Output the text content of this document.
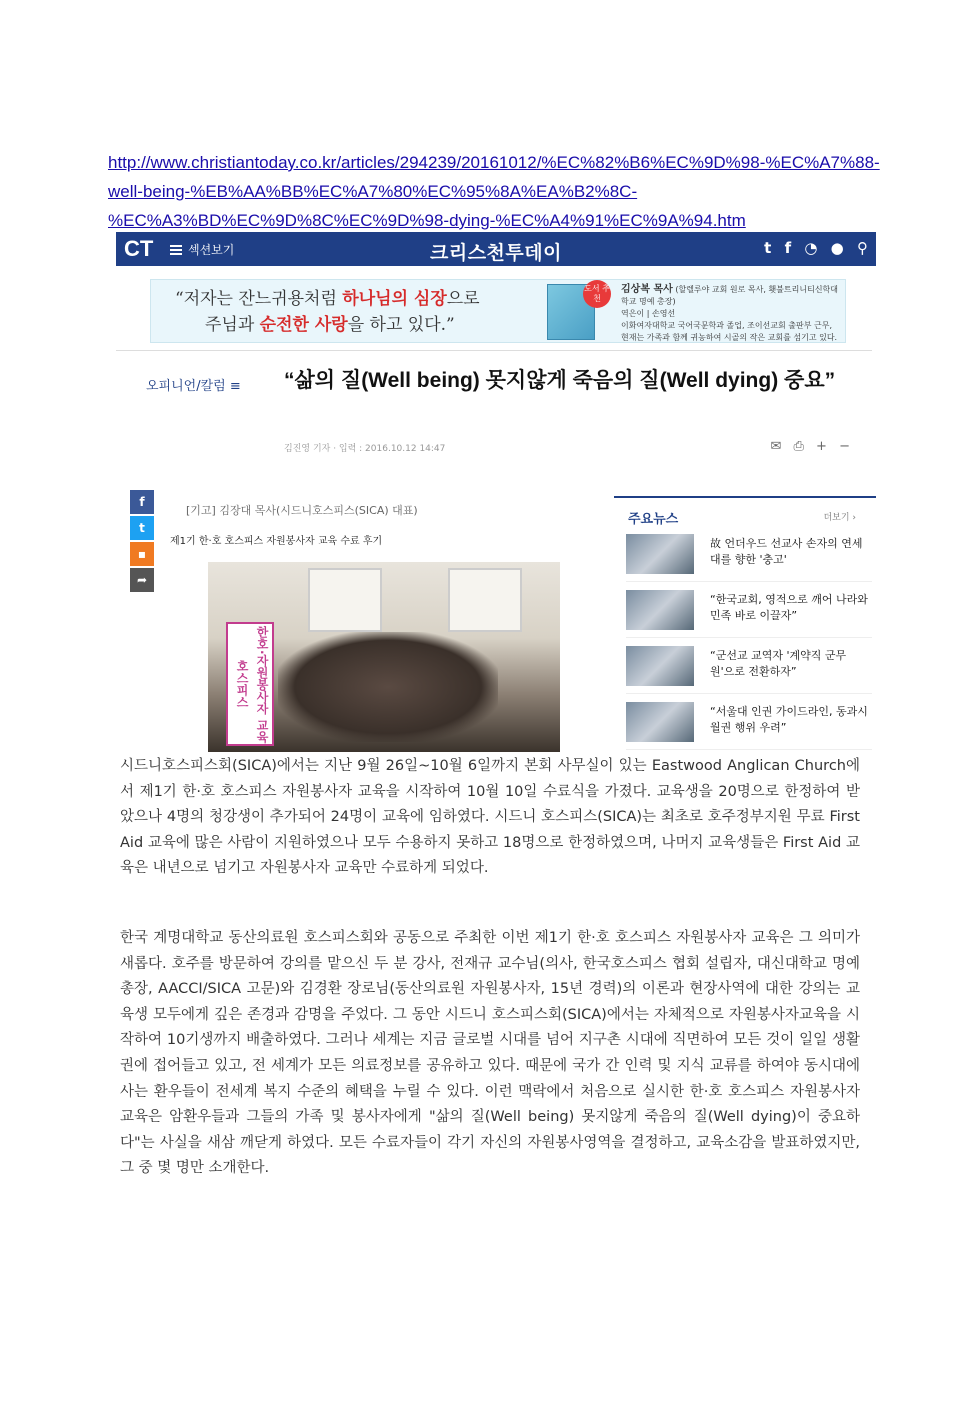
http://www.christiantoday.co.kr/articles/294239/20161012/%EC%82%B6%EC%9D%98-%EC%A7%88-
well-being-%EB%AA%BB%EC%A7%80%EC%95%8A%EA%B2%8C-
%EC%A3%BD%EC%9D%8C%EC%9D%98-dying-%EC%A4%91%EC%9A%94.htm
CT	섹션보기	크리스천투데이	t f ◔ ● ⚲
“저자는 잔느귀용처럼 하나님의 심장으로
주님과 순전한 사랑을 하고 있다.”
도서 추천
김상복 목사 (할렐루야 교회 원로 목사, 횃불트리니티신학대학교 명예 총장)
역은이 | 손영선
이화여자대학교 국어국문학과 졸업, 조이선교회 출판부 근무,
현재는 가족과 함께 귀농하여 시골의 작은 교회를 섬기고 있다.
오피니언/칼럼 ≡ “삶의 질(Well being) 못지않게 죽음의 질(Well dying) 중요”
김진영 기자 · 입력 : 2016.10.12 14:47	✉ ⎙ + −
f
t
▪
➦
[기고] 김장대 목사(시드니호스피스(SICA) 대표)
제1기 한·호 호스피스 자원봉사자 교육 수료 후기
한호·자원봉사자 교육 호스피스
주요뉴스	더보기 ›
故 언더우드 선교사 손자의 연세대를 향한 '충고'
“한국교회, 영적으로 깨어 나라와 민족 바로 이끌자”
“군선교 교역자 '계약직 군무원'으로 전환하자”
“서울대 인권 가이드라인, 동과시 월권 행위 우려”
시드니호스피스회(SICA)에서는 지난 9월 26일~10월 6일까지 본회 사무실이 있는 Eastwood Anglican Church에서 제1기 한·호 호스피스 자원봉사자 교육을 시작하여 10월 10일 수료식을 가졌다. 교육생을 20명으로 한정하여 받았으나 4명의 청강생이 추가되어 24명이 교육에 임하였다. 시드니 호스피스(SICA)는 최초로 호주정부지원 무료 First Aid 교육에 많은 사람이 지원하였으나 모두 수용하지 못하고 18명으로 한정하였으며, 나머지 교육생들은 First Aid 교육은 내년으로 넘기고 자원봉사자 교육만 수료하게 되었다.
한국 계명대학교 동산의료원 호스피스회와 공동으로 주최한 이번 제1기 한·호 호스피스 자원봉사자 교육은 그 의미가 새롭다. 호주를 방문하여 강의를 맡으신 두 분 강사, 전재규 교수님(의사, 한국호스피스 협회 설립자, 대신대학교 명예총장, AACCI/SICA 고문)와 김경환 장로님(동산의료원 자원봉사자, 15년 경력)의 이론과 현장사역에 대한 강의는 교육생 모두에게 깊은 존경과 감명을 주었다. 그 동안 시드니 호스피스회(SICA)에서는 자체적으로 자원봉사자교육을 시작하여 10기생까지 배출하였다. 그러나 세계는 지금 글로벌 시대를 넘어 지구촌 시대에 직면하여 모든 것이 일일 생활권에 접어들고 있고, 전 세계가 모든 의료정보를 공유하고 있다. 때문에 국가 간 인력 및 지식 교류를 하여야 동시대에 사는 환우들이 전세계 복지 수준의 혜택을 누릴 수 있다. 이런 맥락에서 처음으로 실시한 한·호 호스피스 자원봉사자 교육은 암환우들과 그들의 가족 및 봉사자에게 "삶의 질(Well being) 못지않게 죽음의 질(Well dying)이 중요하다"는 사실을 새삼 깨닫게 하였다. 모든 수료자들이 각기 자신의 자원봉사영역을 결정하고, 교육소감을 발표하였지만, 그 중 몇 명만 소개한다.
